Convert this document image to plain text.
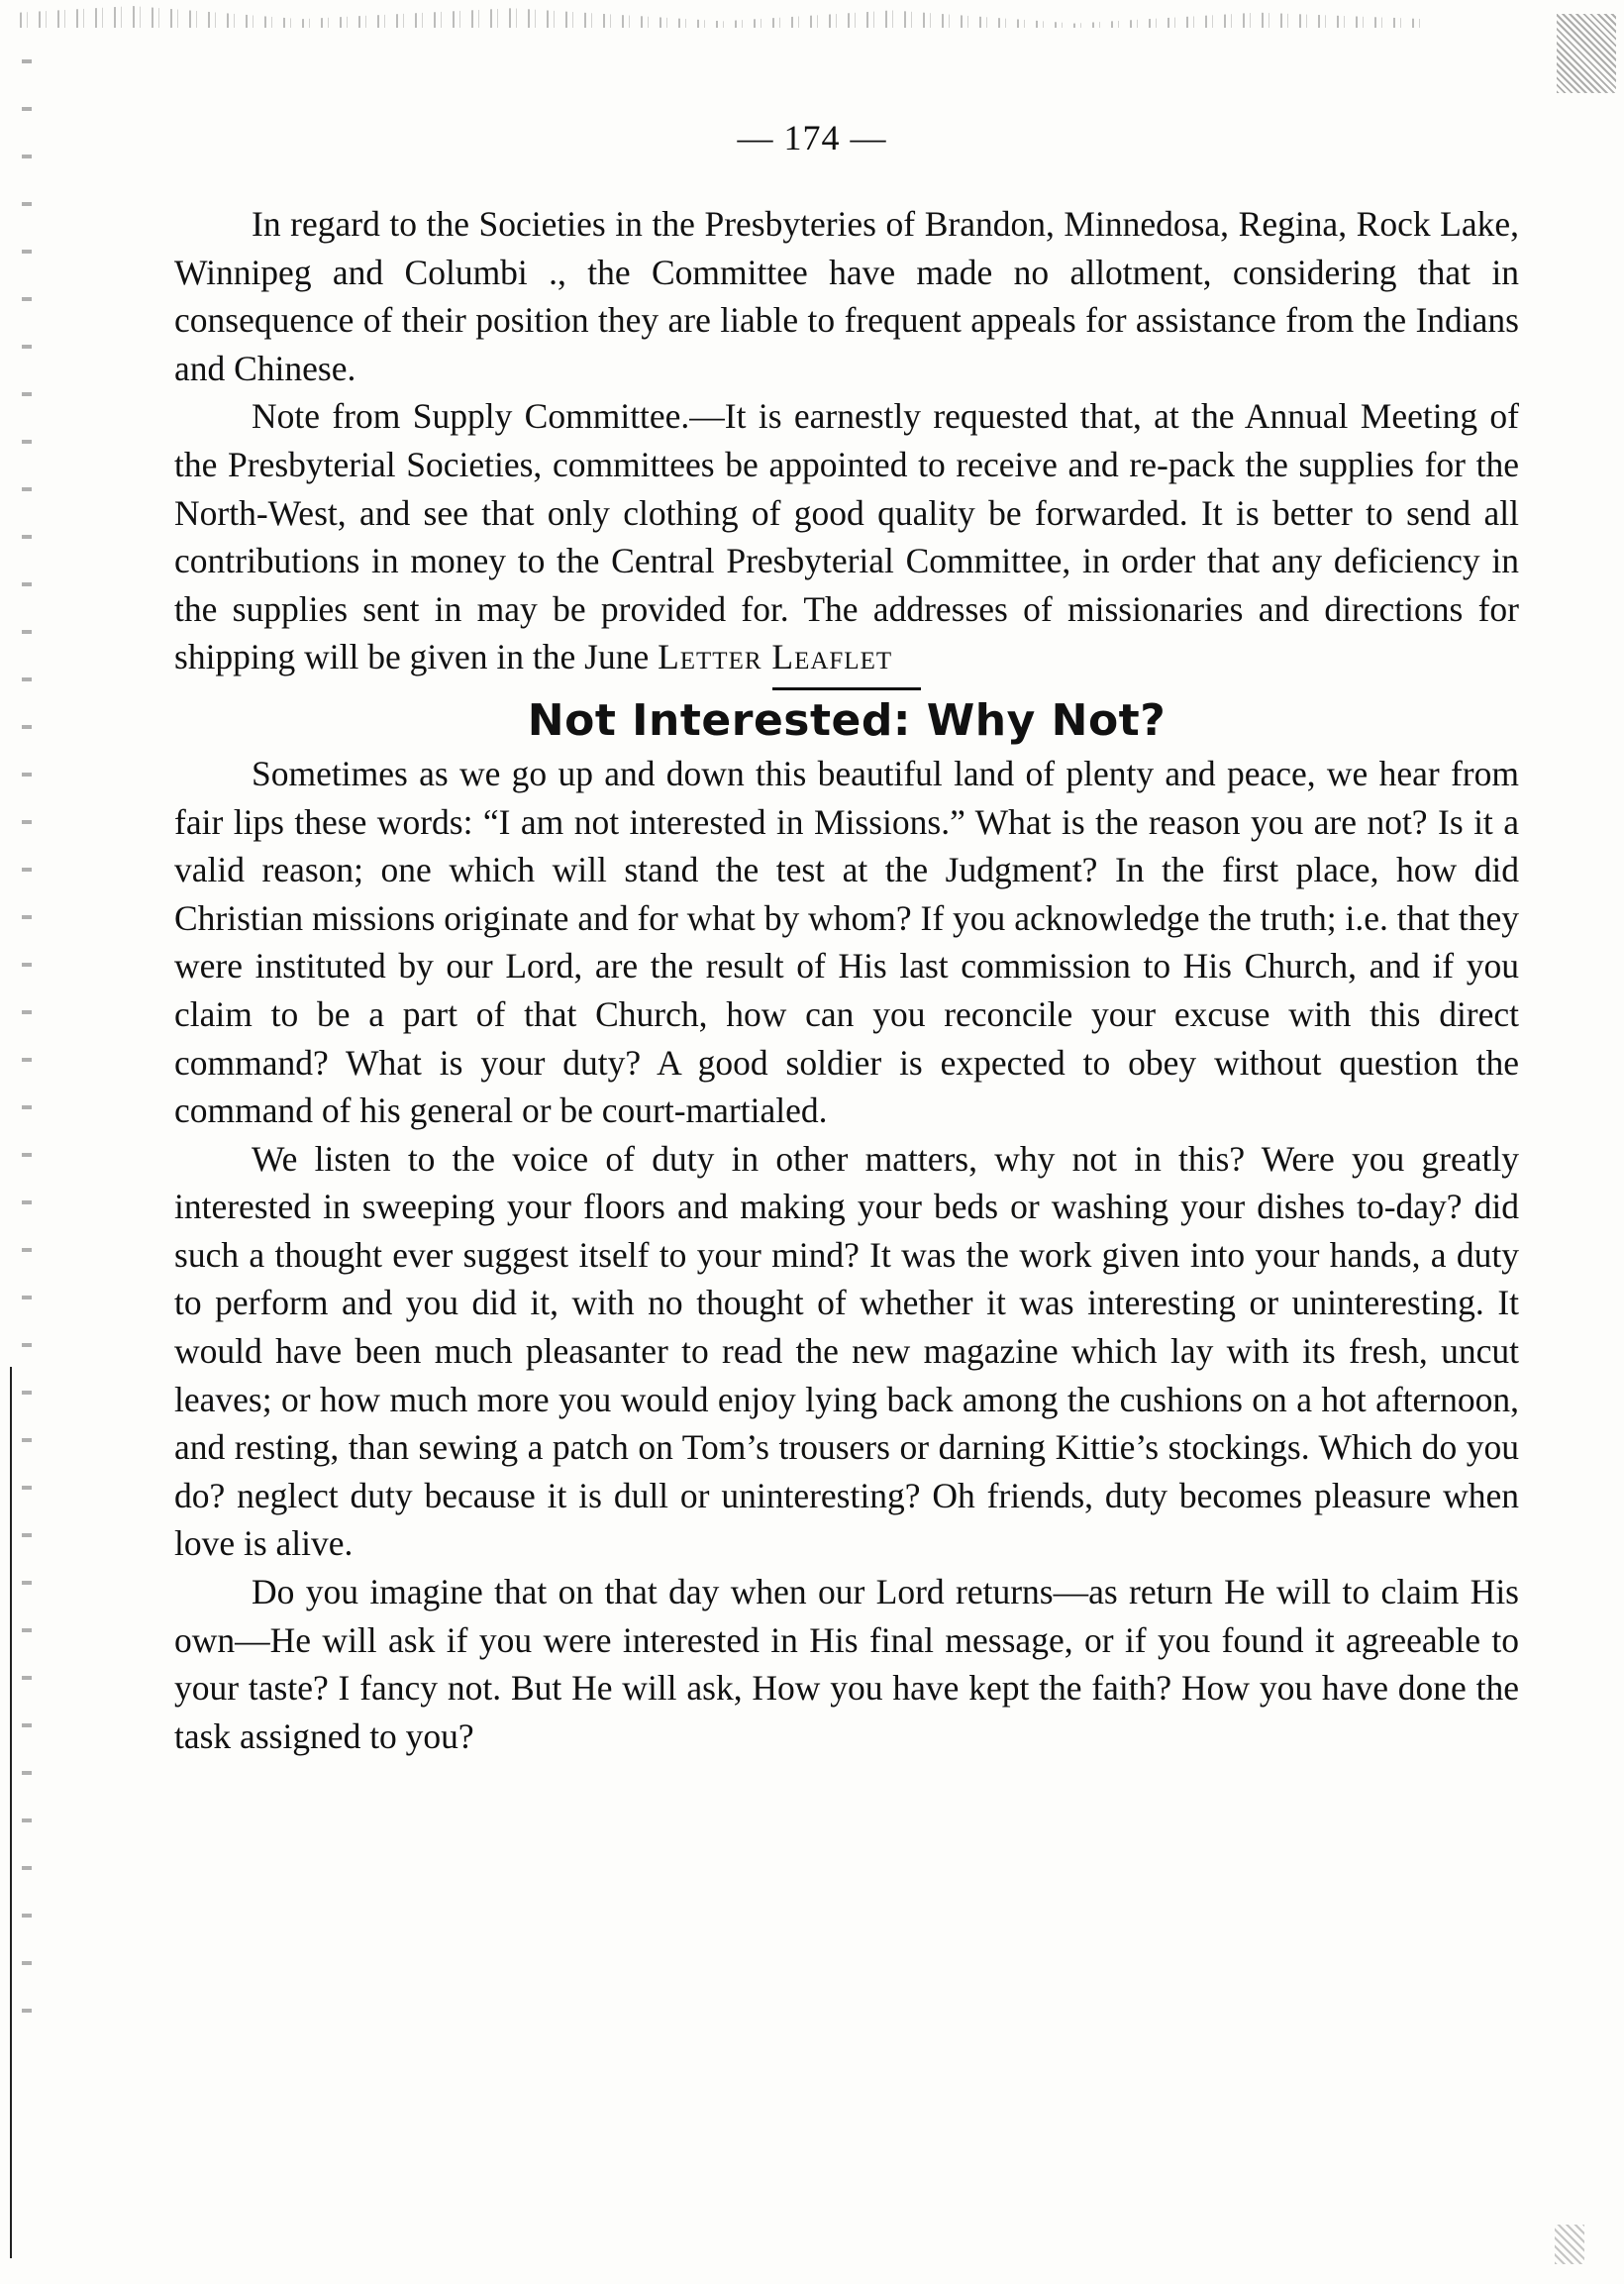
— 174 —

In regard to the Societies in the Presbyteries of Brandon, Minnedosa, Regina, Rock Lake, Winnipeg and Columbi ., the Committee have made no allotment, considering that in consequence of their position they are liable to frequent appeals for assistance from the Indians and Chinese.

Note from Supply Committee.—It is earnestly requested that, at the Annual Meeting of the Presbyterial Societies, committees be appointed to receive and re-pack the supplies for the North-West, and see that only clothing of good quality be forwarded. It is better to send all contributions in money to the Central Presbyterial Committee, in order that any deficiency in the supplies sent in may be provided for. The addresses of missionaries and directions for shipping will be given in the June Letter Leaflet

Not Interested: Why Not?

Sometimes as we go up and down this beautiful land of plenty and peace, we hear from fair lips these words: “I am not interested in Missions.” What is the reason you are not? Is it a valid reason; one which will stand the test at the Judgment? In the first place, how did Christian missions originate and for what by whom? If you acknowledge the truth; i.e. that they were instituted by our Lord, are the result of His last commission to His Church, and if you claim to be a part of that Church, how can you reconcile your excuse with this direct command? What is your duty? A good soldier is expected to obey without question the command of his general or be court-martialed.

We listen to the voice of duty in other matters, why not in this? Were you greatly interested in sweeping your floors and making your beds or washing your dishes to-day? did such a thought ever suggest itself to your mind? It was the work given into your hands, a duty to perform and you did it, with no thought of whether it was interesting or uninteresting. It would have been much pleasanter to read the new magazine which lay with its fresh, uncut leaves; or how much more you would enjoy lying back among the cushions on a hot afternoon, and resting, than sewing a patch on Tom’s trousers or darning Kittie’s stockings. Which do you do? neglect duty because it is dull or uninteresting? Oh friends, duty becomes pleasure when love is alive.

Do you imagine that on that day when our Lord returns—as return He will to claim His own—He will ask if you were interested in His final message, or if you found it agreeable to your taste? I fancy not. But He will ask, How you have kept the faith? How you have done the task assigned to you?
